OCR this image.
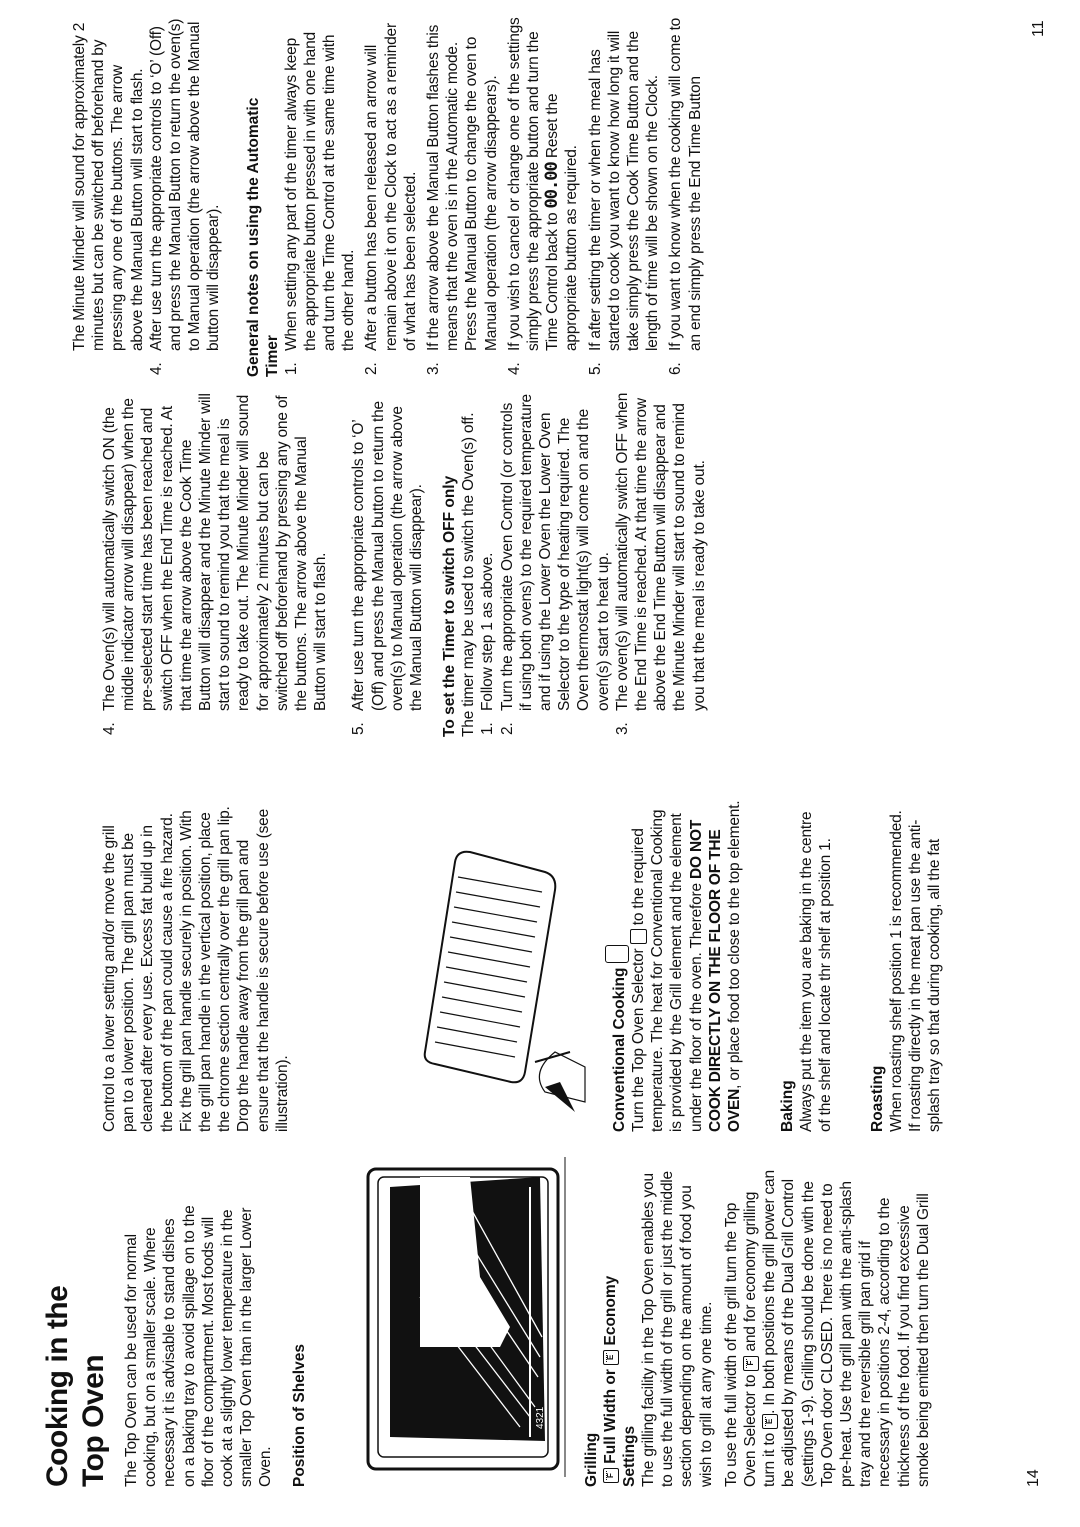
Cooking in the Top Oven The Top Oven can be used for normal cooking, but on a smaller scale. Where necessary it is advisable to stand dishes on a baking tray to avoid spillage on to the floor of the compartment. Most foods will cook at a slightly lower temperature in the smaller Top Oven than in the larger Lower Oven. Position of Shelves	4321

Grilling F Full Width or E Economy

Settings The grilling facility in the Top Oven enables you to use the full width of the grill or just the middle section depending on the amount of food you wish to grill at any one time. To use the full width of the grill turn the Top Oven Selector to F and for economy grilling turn it to E. In both positions the grill power can be adjusted by means of the Dual Grill Control (settings 1-9). Grilling should be done with the Top Oven door CLOSED. There is no need to pre-heat. Use the grill pan with the anti-splash tray and the reversible grill pan grid if necessary in positions 2-4, according to the thickness of the food. If you find excessive smoke being emitted then turn the Dual Grill	14

Control to a lower setting and/or move the grill pan to a lower position. The grill pan must be cleaned after every use. Excess fat build up in the bottom of the pan could cause a fire hazard. Fix the grill pan handle securely in position. With the grill pan handle in the vertical position, place the chrome section centrally over the grill pan lip. Drop the handle away from the grill pan and ensure that the handle is secure before use (see illustration).	Conventional Cooking Turn the Top Oven Selector  to the required temperature. The heat for Conventional Cooking is provided by the Grill element and the element under the floor of the oven. Therefore DO NOT COOK DIRECTLY ON THE FLOOR OF THE OVEN, or place food too close to the top element.

Baking Always put the item you are baking in the centre of the shelf and locate thr shelf at position 1. Roasting When roasting shelf position 1 is recommended. If roasting directly in the meat pan use the anti-splash tray so that during cooking, all the fat

4.
The Oven(s) will automatically switch ON (the middle indicator arrow will disappear) when the pre-selected start time has been reached and switch OFF when the End Time is reached. At that time the arrow above the Cook Time Button will disappear and the Minute Minder will start to sound to remind you that the meal is ready to take out. The Minute Minder will sound for approximately 2 minutes but can be switched off beforehand by pressing any one of the buttons. The arrow above the Manual Button will start to flash.
5.
After use turn the appropriate controls to ‘O’ (Off) and press the Manual button to return the oven(s) to Manual operation (the arrow above the Manual Button will disappear). To set the Timer to switch OFF only The timer may be used to switch the Oven(s) off. 1.
Follow step 1 as above.
2.
Turn the appropriate Oven Control (or controls if using both ovens) to the required temperature and if using the Lower Oven the Lower Oven Selector to the type of heating required. The Oven thermostat light(s) will come on and the oven(s) start to heat up.
3.
The oven(s) will automatically switch OFF when the End Time is reached. At that time the arrow above the End Time Button will disappear and the Minute Minder will start to sound to remind you that the meal is ready to take out.

The Minute Minder will sound for approximately 2 minutes but can be switched off beforehand by pressing any one of the buttons. The arrow above the Manual Button will start to flash.

4.
After use turn the appropriate controls to ‘O’ (Off) and press the Manual Button to return the oven(s) to Manual operation (the arrow above the Manual button will disappear). General notes on using the Automatic Timer 1.
When setting any part of the timer always keep the appropriate button pressed in with one hand and turn the Time Control at the same time with the other hand.
2.
After a button has been released an arrow will remain above it on the Clock to act as a reminder of what has been selected.
3.
If the arrow above the Manual Button flashes this means that the oven is in the Automatic mode. Press the Manual Button to change the oven to Manual operation (the arrow disappears).
4.
If you wish to cancel or change one of the settings simply press the appropriate button and turn the Time Control back to 00.00 Reset the appropriate button as required.
5.
If after setting the timer or when the meal has started to cook you want to know how long it will take simply press the Cook Time Button and the length of time will be shown on the Clock.
6.
If you want to know when the cooking will come to an end simply press the End Time Button
11
